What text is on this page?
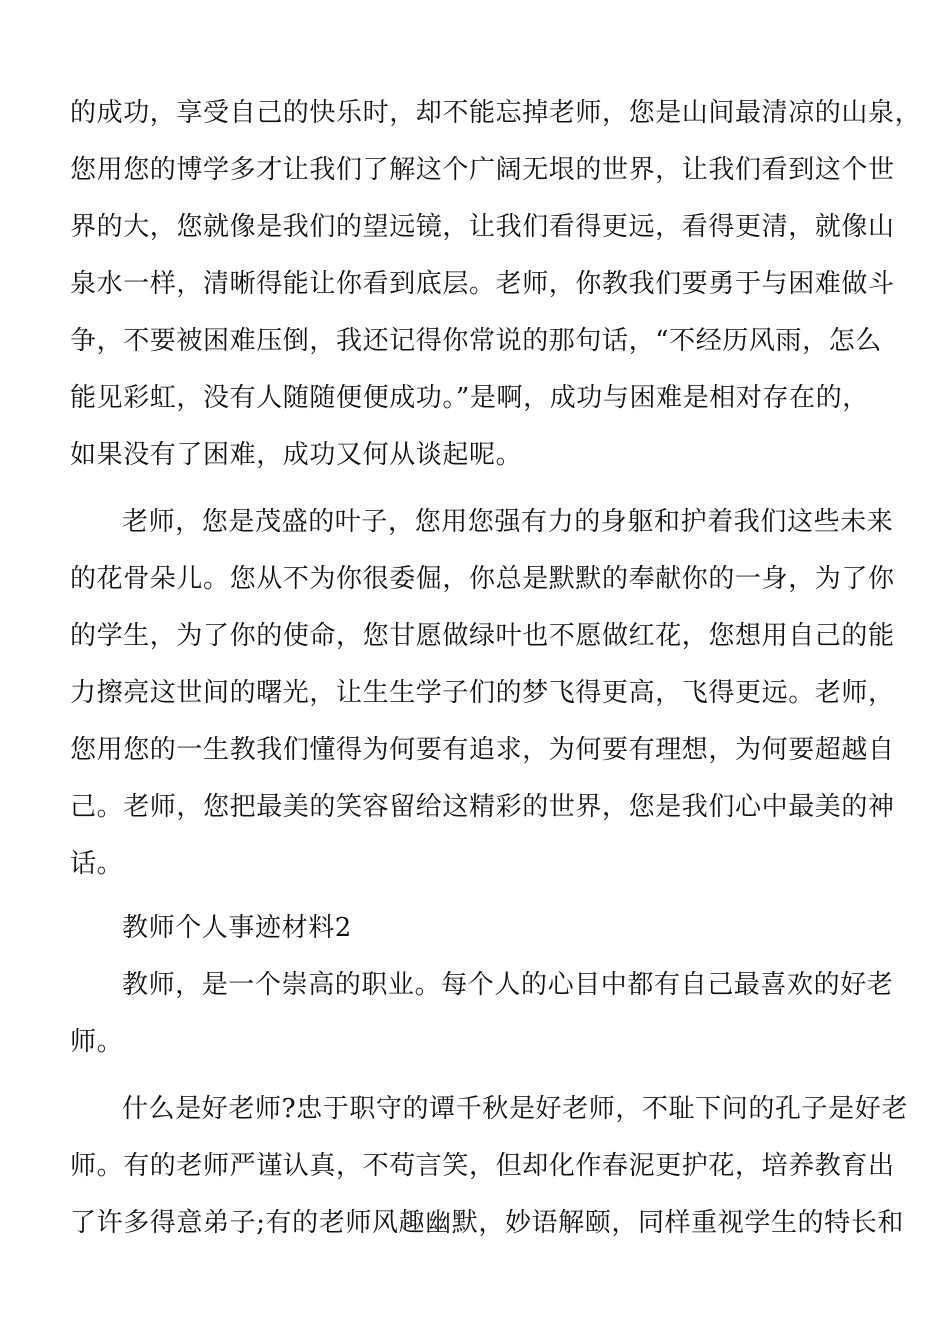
的成功，享受自己的快乐时，却不能忘掉老师，您是山间最清凉的山泉，
您用您的博学多才让我们了解这个广阔无垠的世界，让我们看到这个世
界的大，您就像是我们的望远镜，让我们看得更远，看得更清，就像山
泉水一样，清晰得能让你看到底层。老师，你教我们要勇于与困难做斗
争，不要被困难压倒，我还记得你常说的那句话，“不经历风雨，怎么
能见彩虹，没有人随随便便成功。”是啊，成功与困难是相对存在的，
如果没有了困难，成功又何从谈起呢。
老师，您是茂盛的叶子，您用您强有力的身躯和护着我们这些未来
的花骨朵儿。您从不为你很委倔，你总是默默的奉献你的一身，为了你
的学生，为了你的使命，您甘愿做绿叶也不愿做红花，您想用自己的能
力擦亮这世间的曙光，让生生学子们的梦飞得更高，飞得更远。老师，
您用您的一生教我们懂得为何要有追求，为何要有理想，为何要超越自
己。老师，您把最美的笑容留给这精彩的世界，您是我们心中最美的神
话。
教师个人事迹材料2
教师，是一个崇高的职业。每个人的心目中都有自己最喜欢的好老
师。
什么是好老师?忠于职守的谭千秋是好老师，不耻下问的孔子是好老
师。有的老师严谨认真，不苟言笑，但却化作春泥更护花，培养教育出
了许多得意弟子;有的老师风趣幽默，妙语解颐，同样重视学生的特长和
